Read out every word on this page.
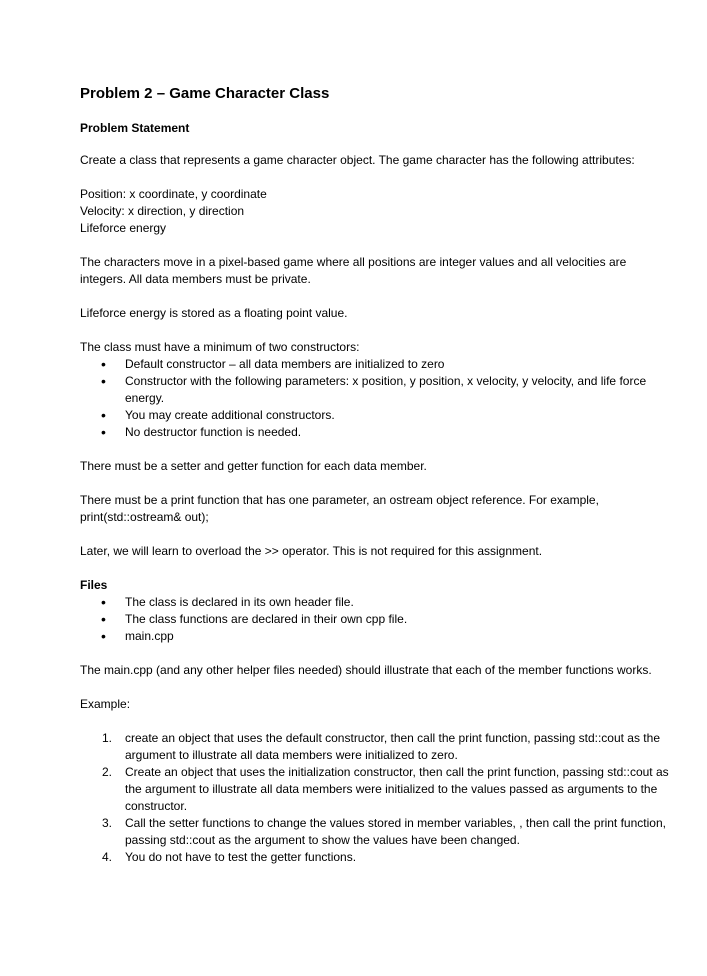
Problem 2 – Game Character Class
Problem Statement

Create a class that represents a game character object. The game character has the following attributes:

Position: x coordinate, y coordinate
Velocity: x direction, y direction
Lifeforce energy

The characters move in a pixel-based game where all positions are integer values and all velocities are integers. All data members must be private.

Lifeforce energy is stored as a floating point value.

The class must have a minimum of two constructors:

• Default constructor – all data members are initialized to zero
• Constructor with the following parameters: x position, y position, x velocity, y velocity, and life force energy.
• You may create additional constructors.
• No destructor function is needed.

There must be a setter and getter function for each data member.

There must be a print function that has one parameter, an ostream object reference. For example, print(std::ostream& out);

Later, we will learn to overload the >> operator. This is not required for this assignment.

Files
• The class is declared in its own header file.
• The class functions are declared in their own cpp file.
• main.cpp

The main.cpp (and any other helper files needed) should illustrate that each of the member functions works.

Example:

1. create an object that uses the default constructor, then call the print function, passing std::cout as the argument to illustrate all data members were initialized to zero.
2. Create an object that uses the initialization constructor, then call the print function, passing std::cout as the argument to illustrate all data members were initialized to the values passed as arguments to the constructor.
3. Call the setter functions to change the values stored in member variables, , then call the print function, passing std::cout as the argument to show the values have been changed.
4. You do not have to test the getter functions.
